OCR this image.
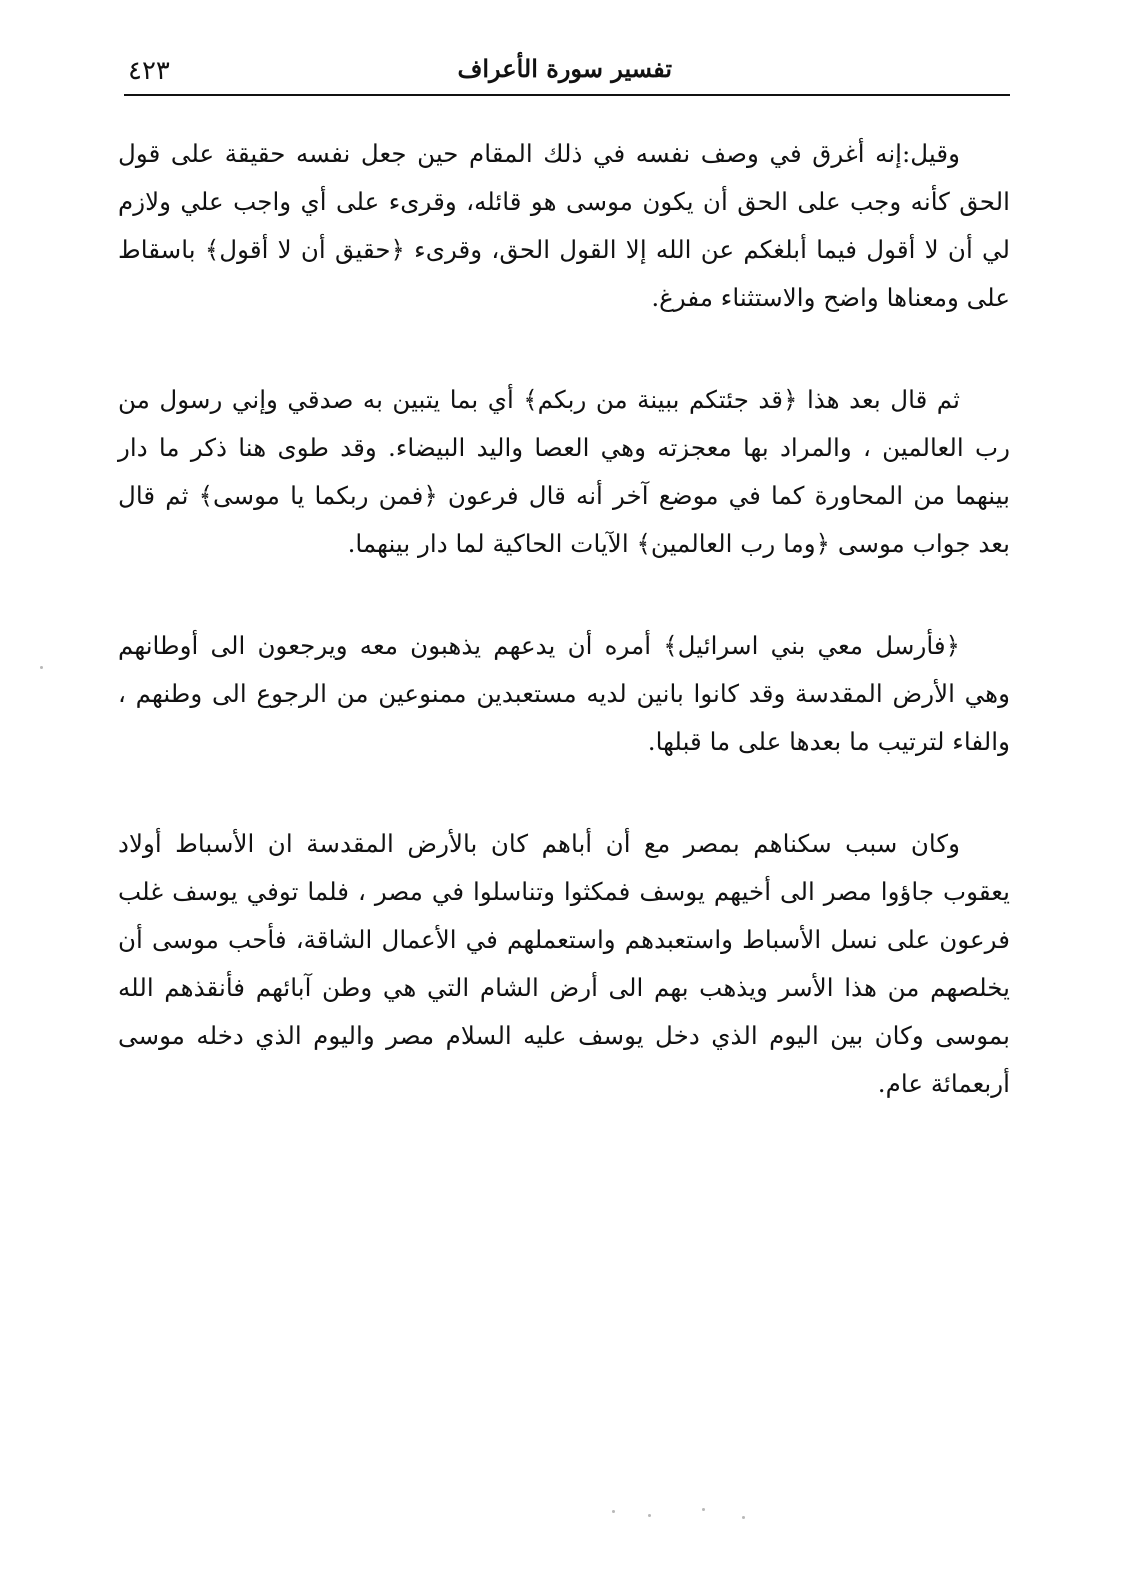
تفسير سورة الأعراف
٤٢٣

وقيل:إنه أغرق في وصف نفسه في ذلك المقام حين جعل نفسه حقيقة على قول الحق كأنه وجب على الحق أن يكون موسى هو قائله، وقرىء على أي واجب علي ولازم لي أن لا أقول فيما أبلغكم عن الله إلا القول الحق، وقرىء ﴿حقيق أن لا أقول﴾ باسقاط على ومعناها واضح والاستثناء مفرغ.

ثم قال بعد هذا ﴿قد جئتكم ببينة من ربكم﴾ أي بما يتبين به صدقي وإني رسول من رب العالمين ، والمراد بها معجزته وهي العصا واليد البيضاء. وقد طوى هنا ذكر ما دار بينهما من المحاورة كما في موضع آخر أنه قال فرعون ﴿فمن ربكما يا موسى﴾ ثم قال بعد جواب موسى ﴿وما رب العالمين﴾ الآيات الحاكية لما دار بينهما.

﴿فأرسل معي بني اسرائيل﴾ أمره أن يدعهم يذهبون معه ويرجعون الى أوطانهم وهي الأرض المقدسة وقد كانوا بانين لديه مستعبدين ممنوعين من الرجوع الى وطنهم ، والفاء لترتيب ما بعدها على ما قبلها.

وكان سبب سكناهم بمصر مع أن أباهم كان بالأرض المقدسة ان الأسباط أولاد يعقوب جاؤوا مصر الى أخيهم يوسف فمكثوا وتناسلوا في مصر ، فلما توفي يوسف غلب فرعون على نسل الأسباط واستعبدهم واستعملهم في الأعمال الشاقة، فأحب موسى أن يخلصهم من هذا الأسر ويذهب بهم الى أرض الشام التي هي وطن آبائهم فأنقذهم الله بموسى وكان بين اليوم الذي دخل يوسف عليه السلام مصر واليوم الذي دخله موسى أربعمائة عام.
